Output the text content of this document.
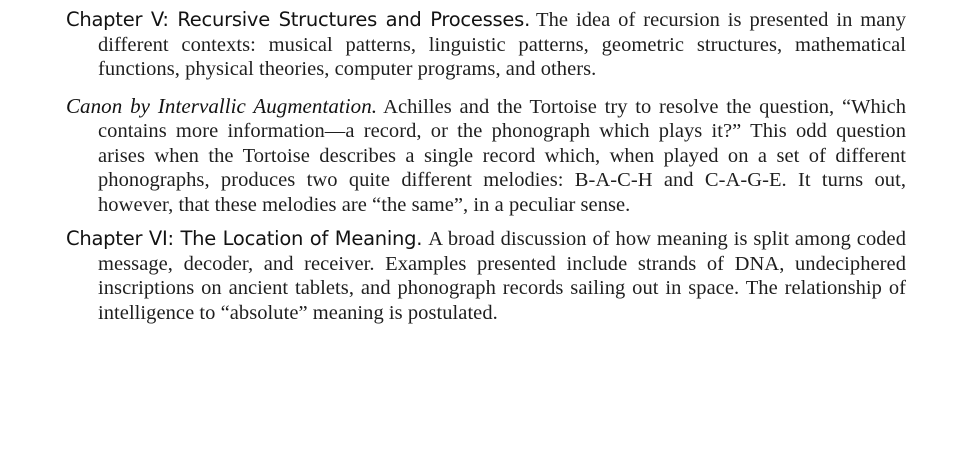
Chapter V: Recursive Structures and Processes. The idea of recursion is presented in many different contexts: musical patterns, linguistic patterns, geometric structures, mathematical functions, physical theories, computer programs, and others.

Canon by Intervallic Augmentation. Achilles and the Tortoise try to resolve the question, “Which contains more information—a record, or the phonograph which plays it?” This odd question arises when the Tortoise describes a single record which, when played on a set of different phonographs, produces two quite different melodies: B-A-C-H and C-A-G-E. It turns out, however, that these melodies are “the same”, in a peculiar sense.

Chapter VI: The Location of Meaning. A broad discussion of how meaning is split among coded message, decoder, and receiver. Examples presented include strands of DNA, undeciphered inscriptions on ancient tablets, and phonograph records sailing out in space. The relationship of intelligence to “absolute” meaning is postulated.
